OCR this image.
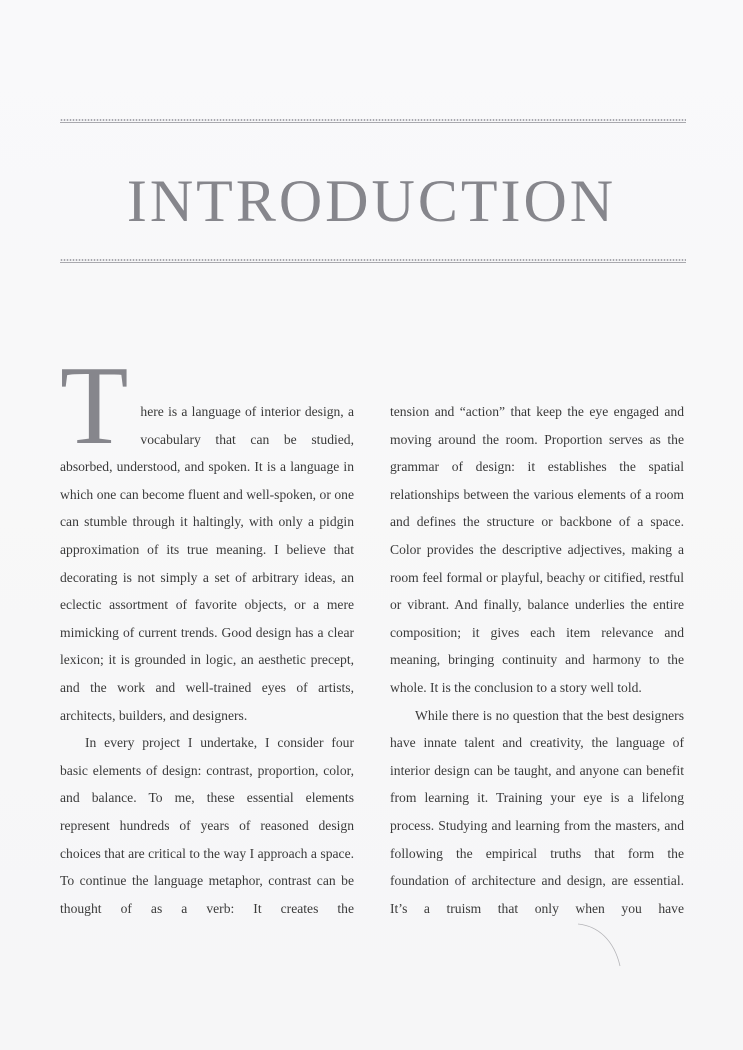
INTRODUCTION

There is a language of interior design, a vocabulary that can be studied, absorbed, understood, and spoken. It is a language in which one can become fluent and well-spoken, or one can stumble through it haltingly, with only a pidgin approximation of its true meaning. I believe that decorating is not simply a set of arbitrary ideas, an eclectic assortment of favorite objects, or a mere mimicking of current trends. Good design has a clear lexicon; it is grounded in logic, an aesthetic precept, and the work and well-trained eyes of artists, architects, builders, and designers.

In every project I undertake, I consider four basic elements of design: contrast, proportion, color, and balance. To me, these essential elements represent hundreds of years of reasoned design choices that are critical to the way I approach a space. To continue the language metaphor, contrast can be thought of as a verb: It creates the

tension and “action” that keep the eye engaged and moving around the room. Proportion serves as the grammar of design: it establishes the spatial relationships between the various elements of a room and defines the structure or backbone of a space. Color provides the descriptive adjectives, making a room feel formal or playful, beachy or citified, restful or vibrant. And finally, balance underlies the entire composition; it gives each item relevance and meaning, bringing continuity and harmony to the whole. It is the conclusion to a story well told.

While there is no question that the best designers have innate talent and creativity, the language of interior design can be taught, and anyone can benefit from learning it. Training your eye is a lifelong process. Studying and learning from the masters, and following the empirical truths that form the foundation of architecture and design, are essential. It’s a truism that only when you have
